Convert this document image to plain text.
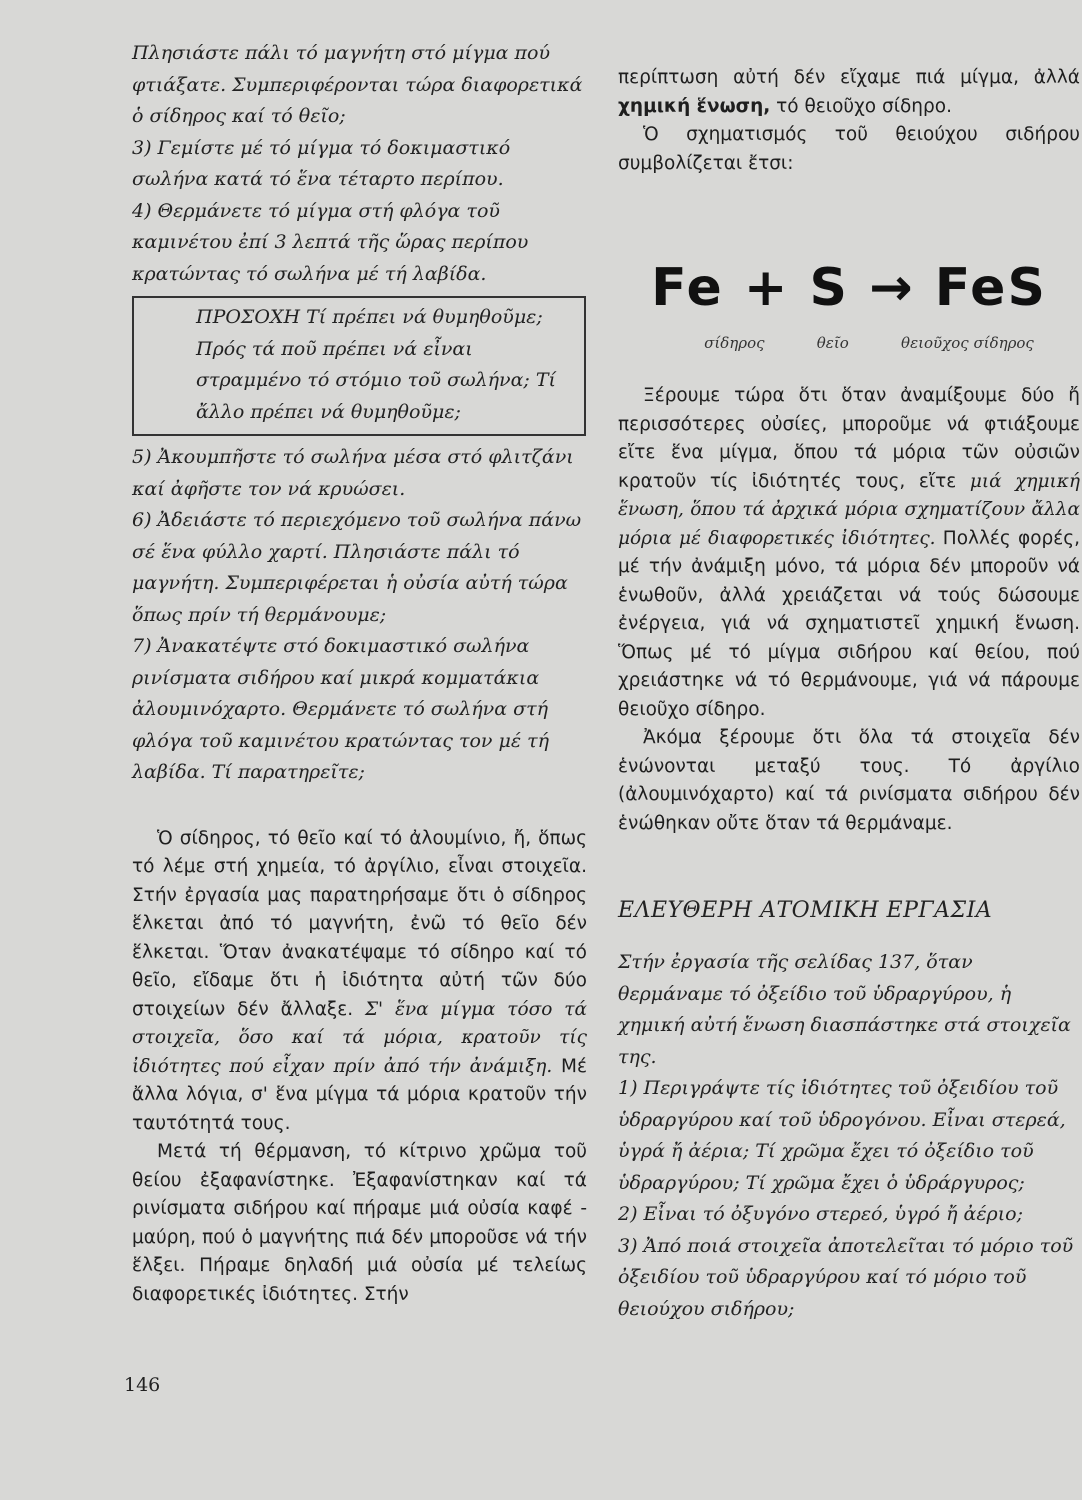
Πλησιάστε πάλι τό μαγνήτη στό μίγμα πού φτιάξατε. Συμπεριφέρονται τώρα διαφορετικά ὁ σίδηρος καί τό θεῖο;

3) Γεμίστε μέ τό μίγμα τό δοκιμαστικό σωλήνα κατά τό ἕνα τέταρτο περίπου.

4) Θερμάνετε τό μίγμα στή φλόγα τοῦ καμινέτου ἐπί 3 λεπτά τῆς ὥρας περίπου κρατώντας τό σωλήνα μέ τή λαβίδα.

ΠΡΟΣΟΧΗ Τί πρέπει νά θυμηθοῦμε; Πρός τά ποῦ πρέπει νά εἶναι στραμμένο τό στόμιο τοῦ σωλήνα; Τί ἄλλο πρέπει νά θυμηθοῦμε;

5) Ἀκουμπῆστε τό σωλήνα μέσα στό φλιτζάνι καί ἀφῆστε τον νά κρυώσει.

6) Ἀδειάστε τό περιεχόμενο τοῦ σωλήνα πάνω σέ ἕνα φύλλο χαρτί. Πλησιάστε πάλι τό μαγνήτη. Συμπεριφέρεται ἡ οὐσία αὐτή τώρα ὅπως πρίν τή θερμάνουμε;

7) Ἀνακατέψτε στό δοκιμαστικό σωλήνα ρινίσματα σιδήρου καί μικρά κομματάκια ἀλουμινόχαρτο. Θερμάνετε τό σωλήνα στή φλόγα τοῦ καμινέτου κρατώντας τον μέ τή λαβίδα. Τί παρατηρεῖτε;

Ὁ σίδηρος, τό θεῖο καί τό ἀλουμίνιο, ἤ, ὅπως τό λέμε στή χημεία, τό ἀργίλιο, εἶναι στοιχεῖα. Στήν ἐργασία μας παρατηρήσαμε ὅτι ὁ σίδηρος ἕλκεται ἀπό τό μαγνήτη, ἐνῶ τό θεῖο δέν ἕλκεται. Ὅταν ἀνακατέψαμε τό σίδηρο καί τό θεῖο, εἴδαμε ὅτι ἡ ἰδιότητα αὐτή τῶν δύο στοιχείων δέν ἄλλαξε. Σ' ἕνα μίγμα τόσο τά στοιχεῖα, ὅσο καί τά μόρια, κρατοῦν τίς ἰδιότητες πού εἶχαν πρίν ἀπό τήν ἀνάμιξη. Μέ ἄλλα λόγια, σ' ἕνα μίγμα τά μόρια κρατοῦν τήν ταυτότητά τους.

Μετά τή θέρμανση, τό κίτρινο χρῶμα τοῦ θείου ἐξαφανίστηκε. Ἐξαφανίστηκαν καί τά ρινίσματα σιδήρου καί πήραμε μιά οὐσία καφέ - μαύρη, πού ὁ μαγνήτης πιά δέν μποροῦσε νά τήν ἕλξει. Πήραμε δηλαδή μιά οὐσία μέ τελείως διαφορετικές ἰδιότητες. Στήν

περίπτωση αὐτή δέν εἴχαμε πιά μίγμα, ἀλλά χημική ἕνωση, τό θειοῦχο σίδηρο.

Ὁ σχηματισμός τοῦ θειούχου σιδήρου συμβολίζεται ἔτσι:

Fe + S → FeS
σίδηρος	θεῖο	θειοῦχος σίδηρος

Ξέρουμε τώρα ὅτι ὅταν ἀναμίξουμε δύο ἤ περισσότερες οὐσίες, μποροῦμε νά φτιάξουμε εἴτε ἕνα μίγμα, ὅπου τά μόρια τῶν οὐσιῶν κρατοῦν τίς ἰδιότητές τους, εἴτε μιά χημική ἕνωση, ὅπου τά ἀρχικά μόρια σχηματίζουν ἄλλα μόρια μέ διαφορετικές ἰδιότητες. Πολλές φορές, μέ τήν ἀνάμιξη μόνο, τά μόρια δέν μποροῦν νά ἑνωθοῦν, ἀλλά χρειάζεται νά τούς δώσουμε ἐνέργεια, γιά νά σχηματιστεῖ χημική ἕνωση. Ὅπως μέ τό μίγμα σιδήρου καί θείου, πού χρειάστηκε νά τό θερμάνουμε, γιά νά πάρουμε θειοῦχο σίδηρο.

Ἀκόμα ξέρουμε ὅτι ὅλα τά στοιχεῖα δέν ἑνώνονται μεταξύ τους. Τό ἀργίλιο (ἀλουμινόχαρτο) καί τά ρινίσματα σιδήρου δέν ἑνώθηκαν οὔτε ὅταν τά θερμάναμε.

ΕΛΕΥΘΕΡΗ ΑΤΟΜΙΚΗ ΕΡΓΑΣΙΑ

Στήν ἐργασία τῆς σελίδας 137, ὅταν θερμάναμε τό ὀξείδιο τοῦ ὑδραργύρου, ἡ χημική αὐτή ἕνωση διασπάστηκε στά στοιχεῖα της.

1) Περιγράψτε τίς ἰδιότητες τοῦ ὀξειδίου τοῦ ὑδραργύρου καί τοῦ ὑδρογόνου. Εἶναι στερεά, ὑγρά ἤ ἀέρια; Τί χρῶμα ἔχει τό ὀξείδιο τοῦ ὑδραργύρου; Τί χρῶμα ἔχει ὁ ὑδράργυρος;

2) Εἶναι τό ὀξυγόνο στερεό, ὑγρό ἤ ἀέριο;

3) Ἀπό ποιά στοιχεῖα ἀποτελεῖται τό μόριο τοῦ ὀξειδίου τοῦ ὑδραργύρου καί τό μόριο τοῦ θειούχου σιδήρου;

146
